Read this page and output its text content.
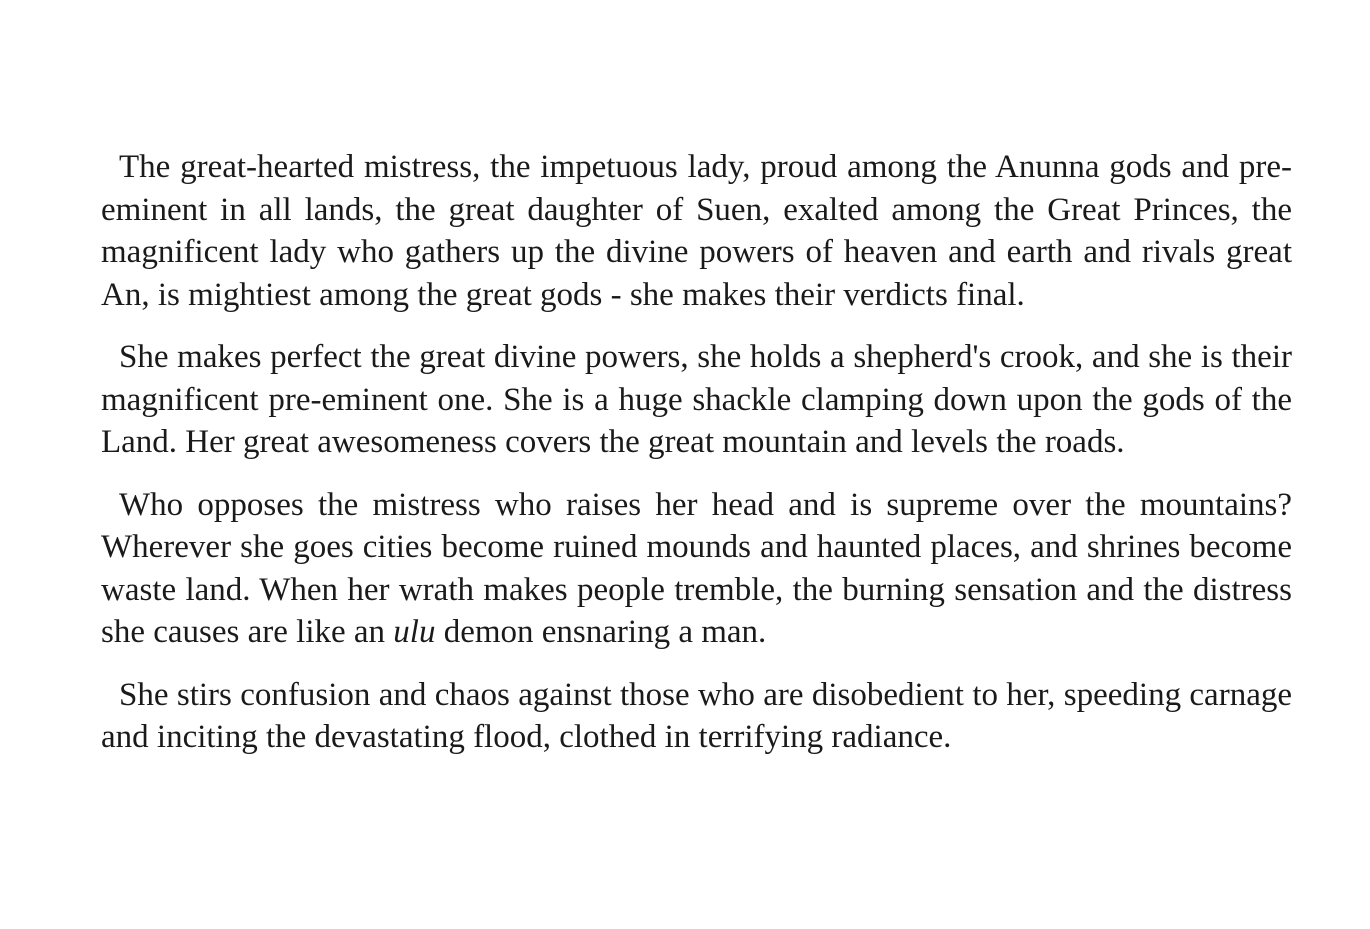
The great-hearted mistress, the impetuous lady, proud among the Anunna gods and pre-eminent in all lands, the great daughter of Suen, exalted among the Great Princes, the magnificent lady who gathers up the divine powers of heaven and earth and rivals great An, is mightiest among the great gods - she makes their verdicts final.

She makes perfect the great divine powers, she holds a shepherd's crook, and she is their magnificent pre-eminent one. She is a huge shackle clamping down upon the gods of the Land. Her great awesomeness covers the great mountain and levels the roads.

Who opposes the mistress who raises her head and is supreme over the mountains? Wherever she goes cities become ruined mounds and haunted places, and shrines become waste land. When her wrath makes people tremble, the burning sensation and the distress she causes are like an ulu demon ensnaring a man.

She stirs confusion and chaos against those who are disobedient to her, speeding carnage and inciting the devastating flood, clothed in terrifying radiance.
